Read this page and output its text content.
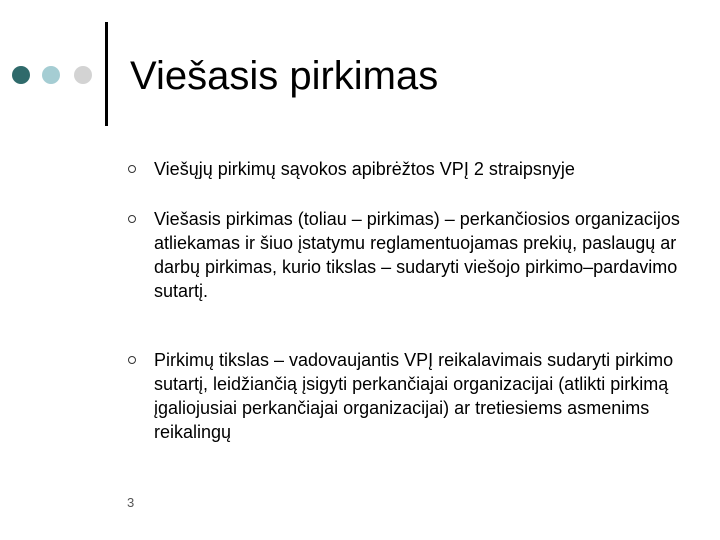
Viešasis pirkimas
Viešųjų pirkimų sąvokos apibrėžtos VPĮ 2 straipsnyje
Viešasis pirkimas (toliau – pirkimas) – perkančiosios organizacijos atliekamas ir šiuo įstatymu reglamentuojamas prekių, paslaugų ar darbų pirkimas, kurio tikslas – sudaryti viešojo pirkimo–pardavimo sutartį.
Pirkimų tikslas – vadovaujantis VPĮ reikalavimais sudaryti pirkimo sutartį, leidžiančią įsigyti perkančiajai organizacijai (atlikti pirkimą įgaliojusiai perkančiajai organizacijai) ar tretiesiems asmenims reikalingų
3
